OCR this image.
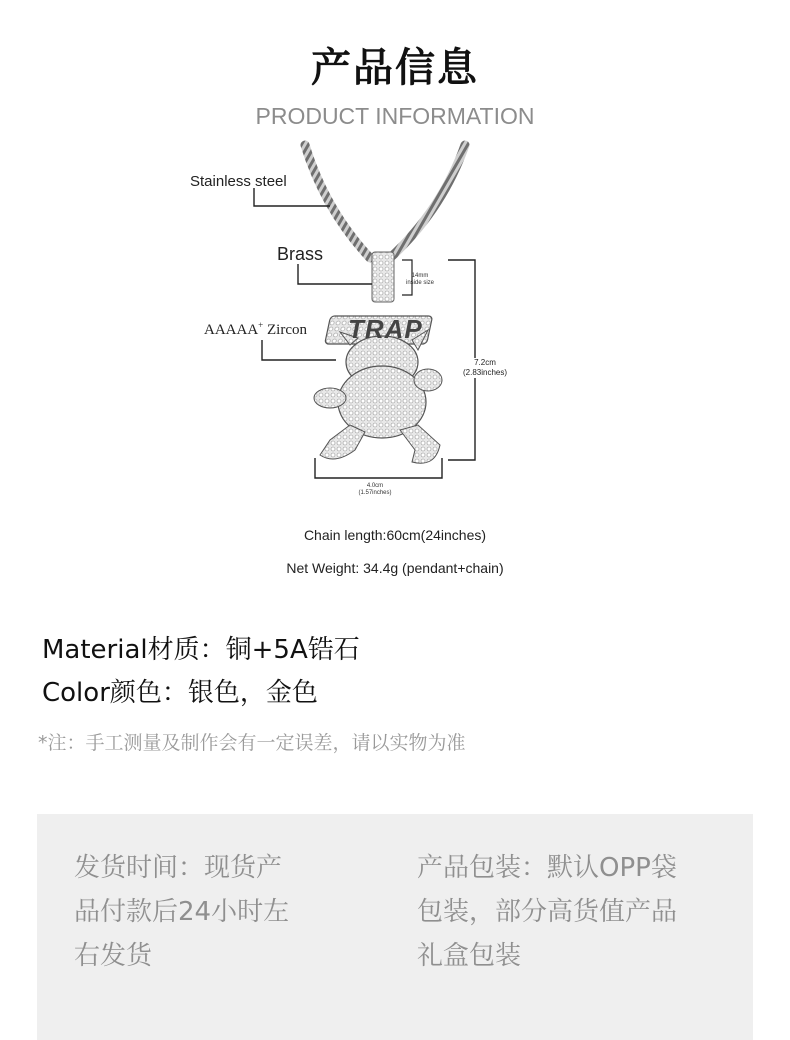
产品信息
PRODUCT INFORMATION
Stainless steel
Brass
AAAAA+ Zircon TRAP
14mm
inside size
7.2cm
(2.83inches)
4.0cm
(1.57inches)
Chain length:60cm(24inches)
Net Weight: 34.4g (pendant+chain)
Material材质：铜+5A锆石
Color颜色：银色，金色
*注：手工测量及制作会有一定误差，请以实物为准
发货时间：现货产
品付款后24小时左
右发货
产品包装：默认OPP袋
包装，部分高货值产品
礼盒包装
